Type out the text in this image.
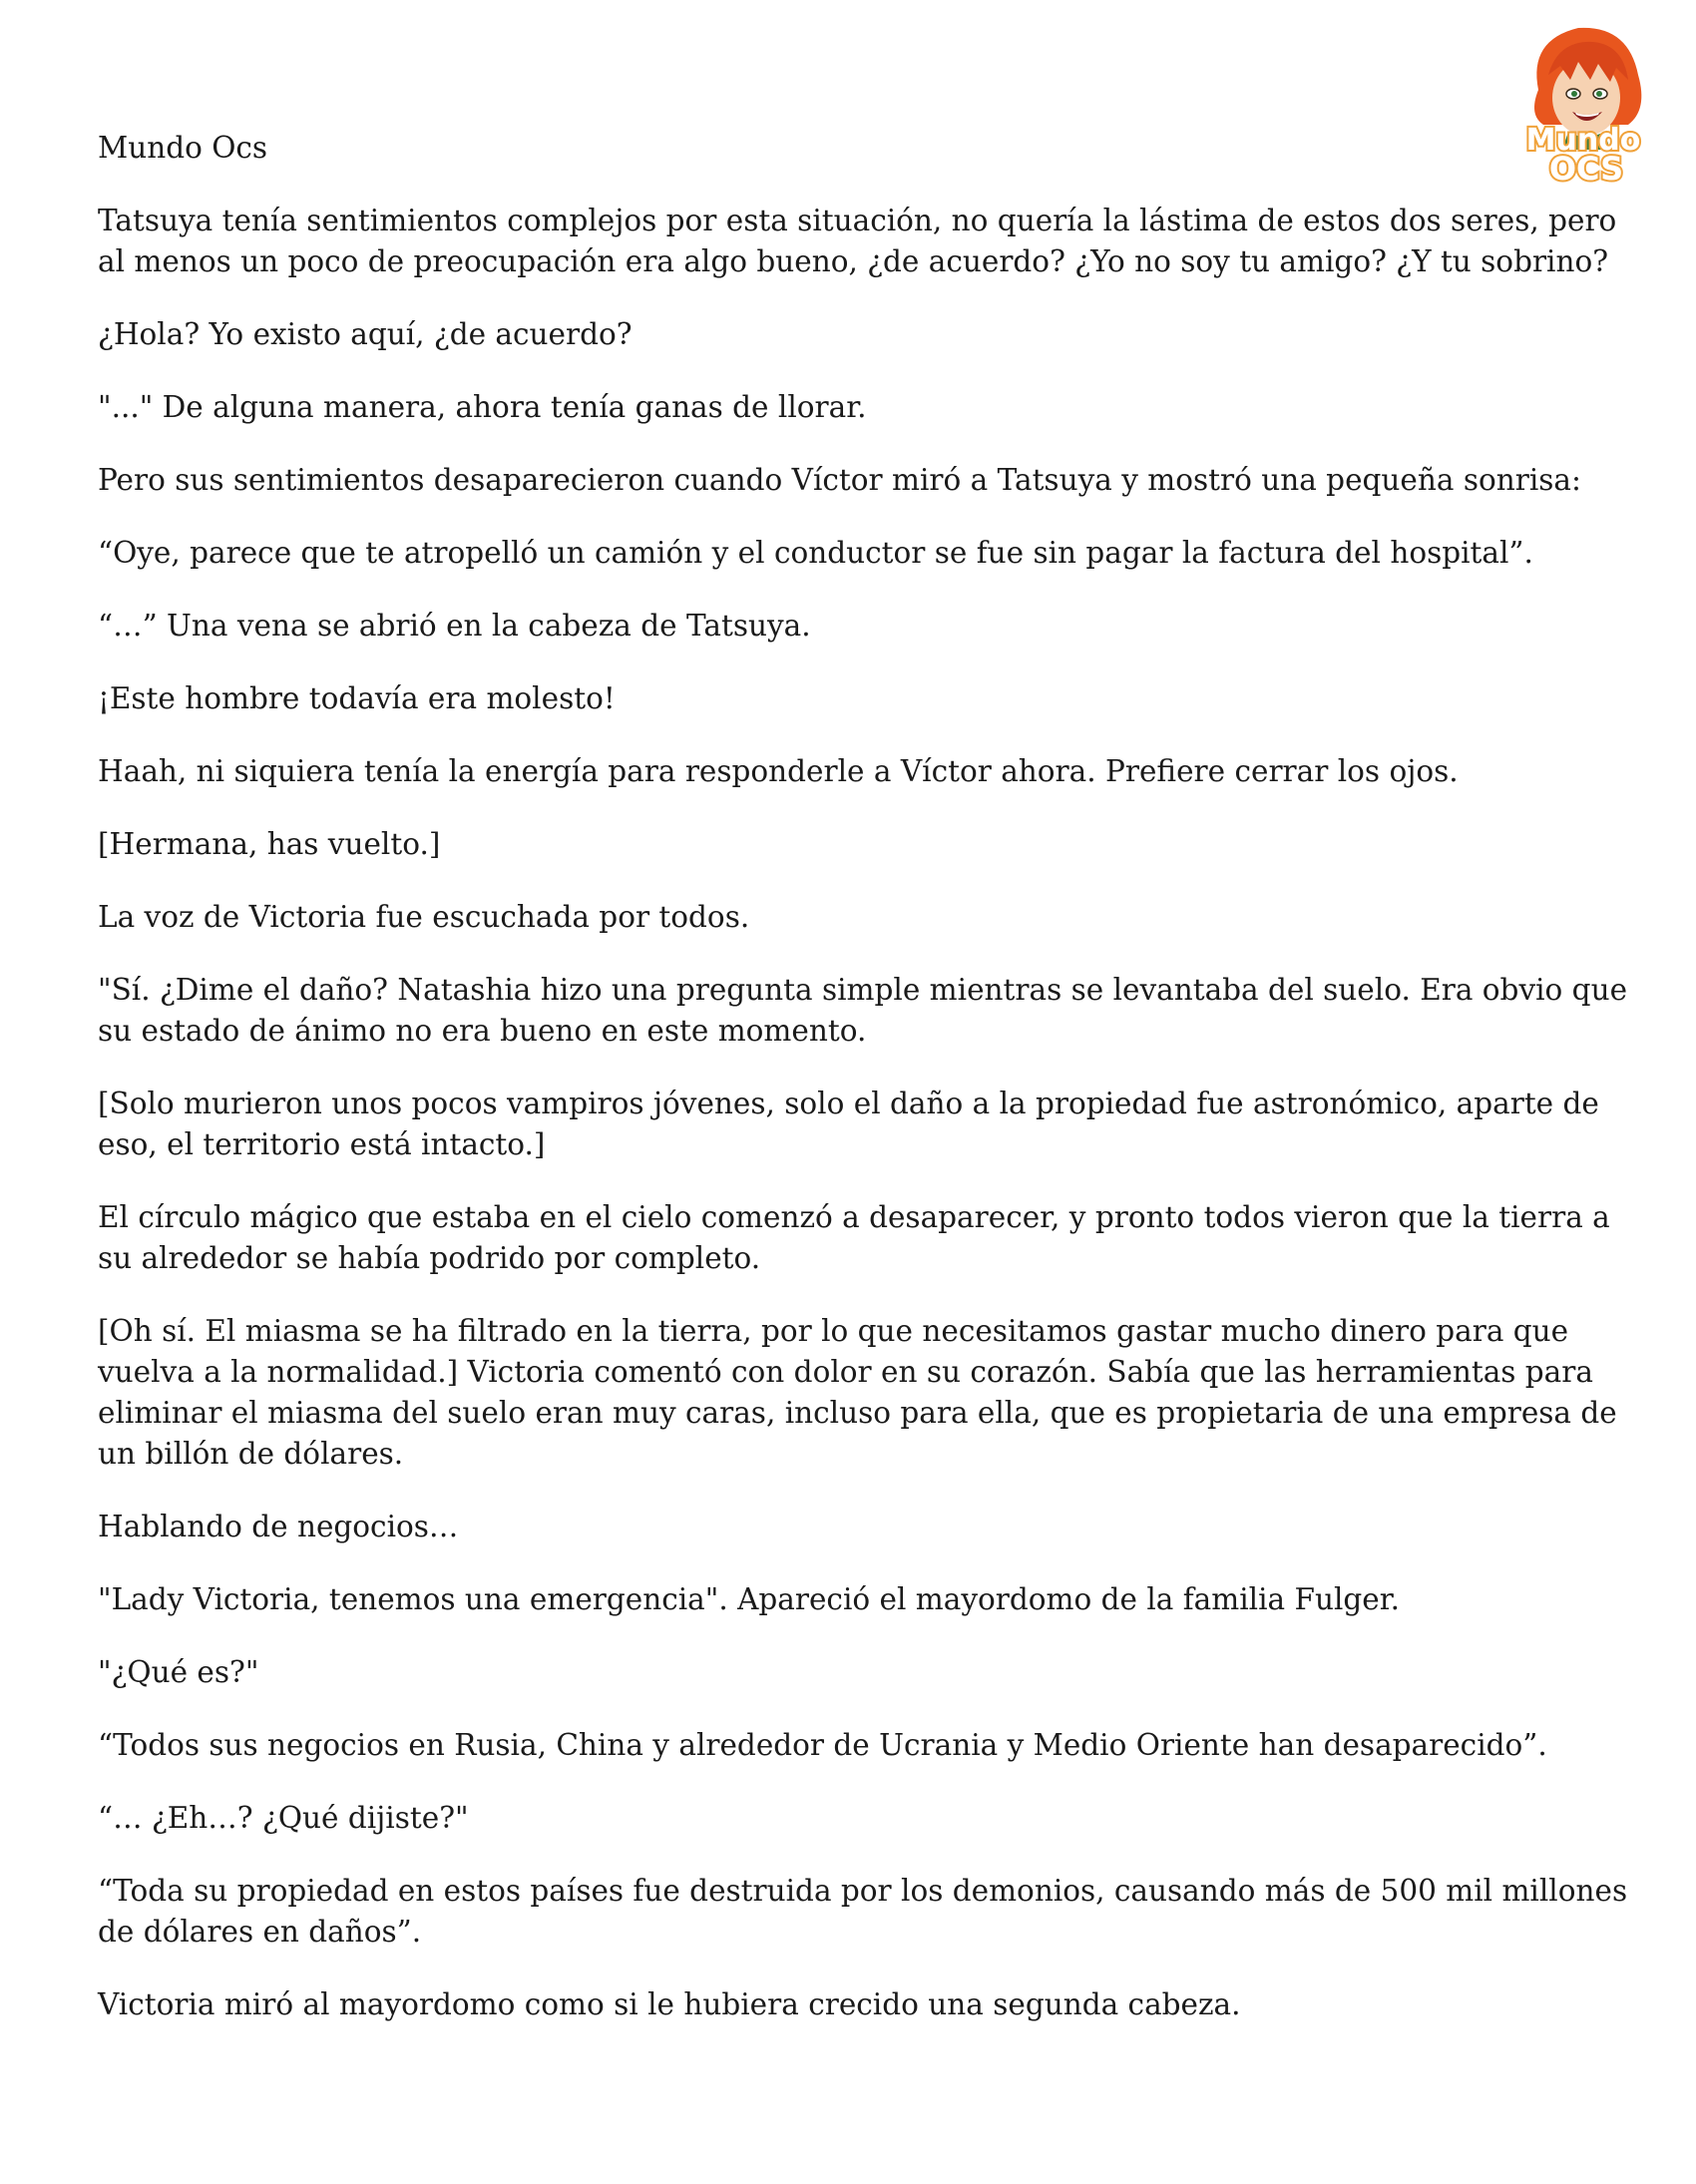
Mundo
OCS

Mundo Ocs

Tatsuya tenía sentimientos complejos por esta situación, no quería la lástima de estos dos seres, pero al menos un poco de preocupación era algo bueno, ¿de acuerdo? ¿Yo no soy tu amigo? ¿Y tu sobrino?

¿Hola? Yo existo aquí, ¿de acuerdo?

"..." De alguna manera, ahora tenía ganas de llorar.

Pero sus sentimientos desaparecieron cuando Víctor miró a Tatsuya y mostró una pequeña sonrisa:

“Oye, parece que te atropelló un camión y el conductor se fue sin pagar la factura del hospital”.

“…” Una vena se abrió en la cabeza de Tatsuya.

¡Este hombre todavía era molesto!

Haah, ni siquiera tenía la energía para responderle a Víctor ahora. Prefiere cerrar los ojos.

[Hermana, has vuelto.]

La voz de Victoria fue escuchada por todos.

"Sí. ¿Dime el daño? Natashia hizo una pregunta simple mientras se levantaba del suelo. Era obvio que su estado de ánimo no era bueno en este momento.

[Solo murieron unos pocos vampiros jóvenes, solo el daño a la propiedad fue astronómico, aparte de eso, el territorio está intacto.]

El círculo mágico que estaba en el cielo comenzó a desaparecer, y pronto todos vieron que la tierra a su alrededor se había podrido por completo.

[Oh sí. El miasma se ha filtrado en la tierra, por lo que necesitamos gastar mucho dinero para que vuelva a la normalidad.] Victoria comentó con dolor en su corazón. Sabía que las herramientas para eliminar el miasma del suelo eran muy caras, incluso para ella, que es propietaria de una empresa de un billón de dólares.

Hablando de negocios…

"Lady Victoria, tenemos una emergencia". Apareció el mayordomo de la familia Fulger.

"¿Qué es?"

“Todos sus negocios en Rusia, China y alrededor de Ucrania y Medio Oriente han desaparecido”.

“… ¿Eh…? ¿Qué dijiste?"

“Toda su propiedad en estos países fue destruida por los demonios, causando más de 500 mil millones de dólares en daños”.

Victoria miró al mayordomo como si le hubiera crecido una segunda cabeza.
